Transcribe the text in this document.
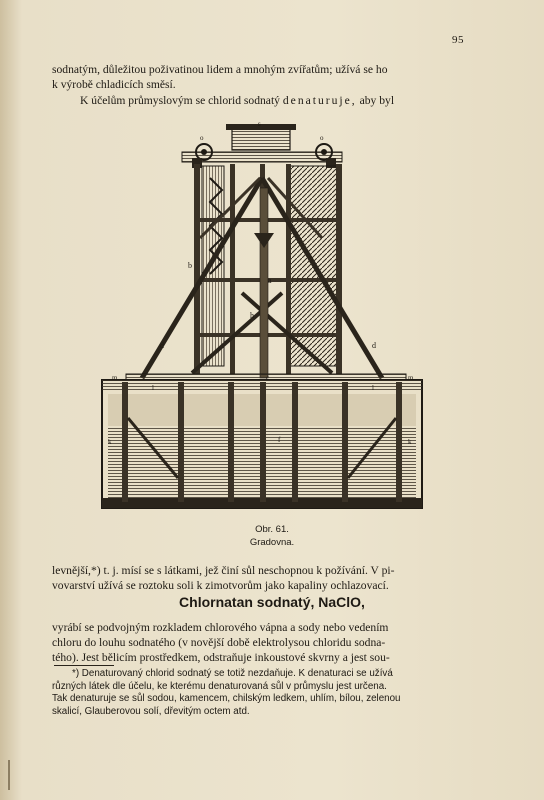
95

sodnatým, důležitou poživatinou lidem a mnohým zvířatům; užívá se ho
k výrobě chladicích směsí.

K účelům průmyslovým se chlorid sodnatý denaturuje, aby byl

s
o	o
b
h
a
d	d
m	m
l	l
k	k
f
c
Obr. 61.
Gradovna.

levnější,*) t. j. mísí se s látkami, jež činí sůl neschopnou k požívání. V pi-
vovarství užívá se roztoku soli k zimotvorům jako kapaliny ochlazovací.

Chlornatan sodnatý, NaClO,

vyrábí se podvojným rozkladem chlorového vápna a sody nebo vedením
chloru do louhu sodnatého (v novější době elektrolysou chloridu sodna-
tého). Jest bělicím prostředkem, odstraňuje inkoustové skvrny a jest sou-

*) Denaturovaný chlorid sodnatý se totiž nezdaňuje. K denaturaci se užívá
různých látek dle účelu, ke kterému denaturovaná sůl v průmyslu jest určena.
Tak denaturuje se sůl sodou, kamencem, chilským ledkem, uhlím, bílou, zelenou
skalicí, Glauberovou solí, dřevitým octem atd.
